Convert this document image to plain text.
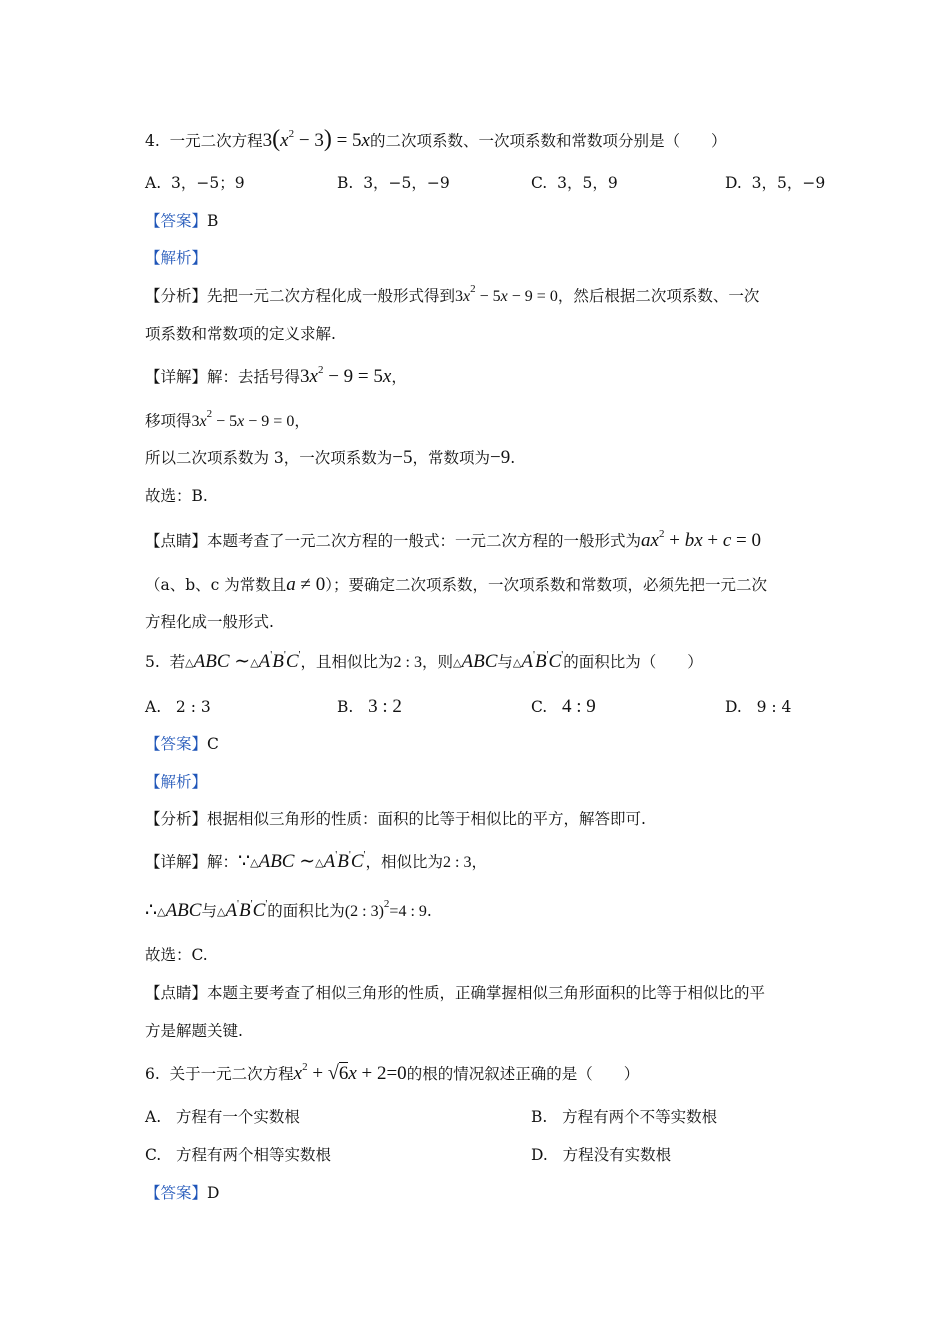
4. 一元二次方程$3(x^2 - 3) = 5x$的二次项系数、一次项系数和常数项分别是（　　）
A. 3，−5；9	B. 3，−5，−9	C. 3，5，9	D. 3，5，−9
【答案】B
【解析】
【分析】先把一元二次方程化成一般形式得到$3x^2 - 5x - 9 = 0$，然后根据二次项系数、一次
项系数和常数项的定义求解.
【详解】解：去括号得$3x^2 - 9 = 5x$，
移项得$3x^2 - 5x - 9 = 0$，
所以二次项系数为 3，一次项系数为−5，常数项为−9.
故选：B.
【点睛】本题考查了一元二次方程的一般式：一元二次方程的一般形式为$ax^2$ + bx + c = 0
（a、b、c 为常数且a ≠ 0）；要确定二次项系数，一次项系数和常数项，必须先把一元二次
方程化成一般形式.
5. 若△ABC ∼△A'B'C'，且相似比为2 : 3，则△ABC与△A'B'C'的面积比为（　　）
A. 2 : 3	B. 3 : 2	C. 4 : 9	D. 9 : 4
【答案】C
【解析】
【分析】根据相似三角形的性质：面积的比等于相似比的平方，解答即可.
【详解】解：∵△ABC ∼△A'B'C'，相似比为2 : 3，
∴△ABC与△A'B'C'的面积比为(2 : 3)$^2$=4 : 9.
故选：C.
【点睛】本题主要考查了相似三角形的性质，正确掌握相似三角形面积的比等于相似比的平
方是解题关键.
6. 关于一元二次方程$x^2 + √6x + 2=0$的根的情况叙述正确的是（　　）
A. 方程有一个实数根	B. 方程有两个不等实数根
C. 方程有两个相等实数根	D. 方程没有实数根
【答案】D
